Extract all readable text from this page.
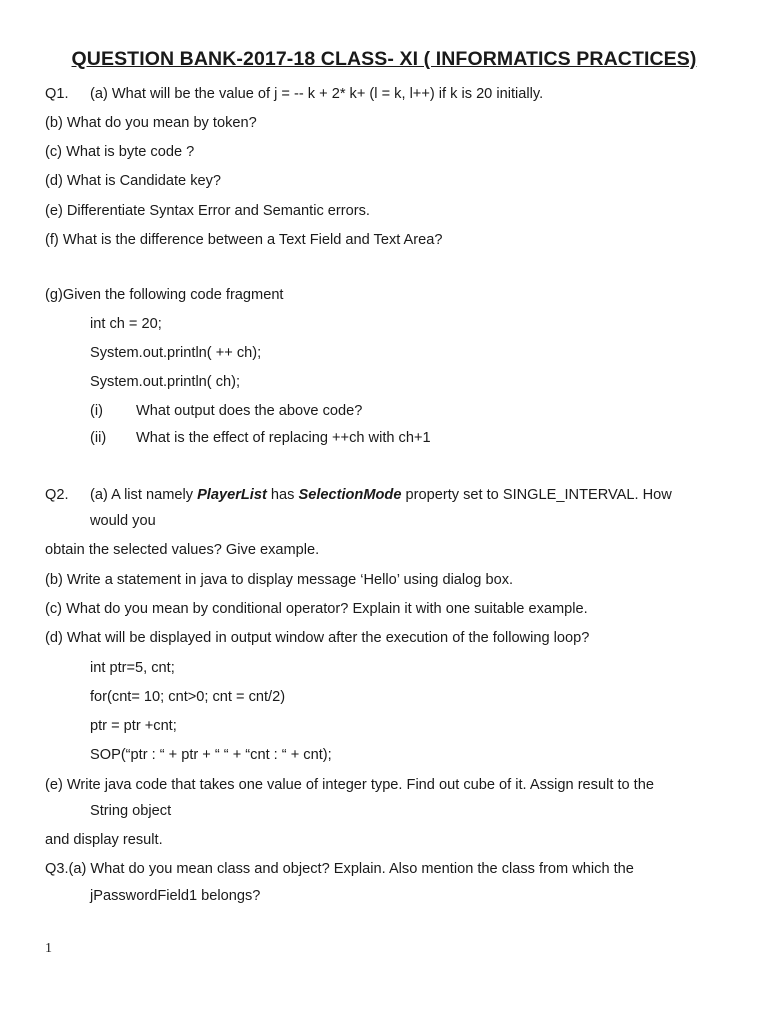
QUESTION BANK-2017-18 CLASS- XI ( INFORMATICS PRACTICES)
Q1. (a) What will be the value of j = -- k + 2* k+ (l = k, l++) if k is 20 initially.
(b) What do you mean by token?
(c) What is byte code ?
(d) What is Candidate key?
(e) Differentiate Syntax Error and Semantic errors.
(f) What is the difference between a Text Field and Text Area?
(g)Given the following code fragment
int ch = 20;
System.out.println( ++ ch);
System.out.println( ch);
(i) What output does the above code?
(ii) What is the effect of replacing ++ch with ch+1
Q2. (a) A list namely PlayerList has SelectionMode property set to SINGLE_INTERVAL. How
would you
obtain the selected values? Give example.
(b) Write a statement in java to display message ‘Hello’ using dialog box.
(c) What do you mean by conditional operator? Explain it with one suitable example.
(d) What will be displayed in output window after the execution of the following loop?
int ptr=5, cnt;
for(cnt= 10; cnt>0; cnt = cnt/2)
ptr = ptr +cnt;
SOP(“ptr : “ + ptr + “ “ + “cnt : “ + cnt);
(e) Write java code that takes one value of integer type. Find out cube of it. Assign result to the
String object
and display result.
Q3.(a) What do you mean class and object? Explain. Also mention the class from which the
jPasswordField1 belongs?
1
